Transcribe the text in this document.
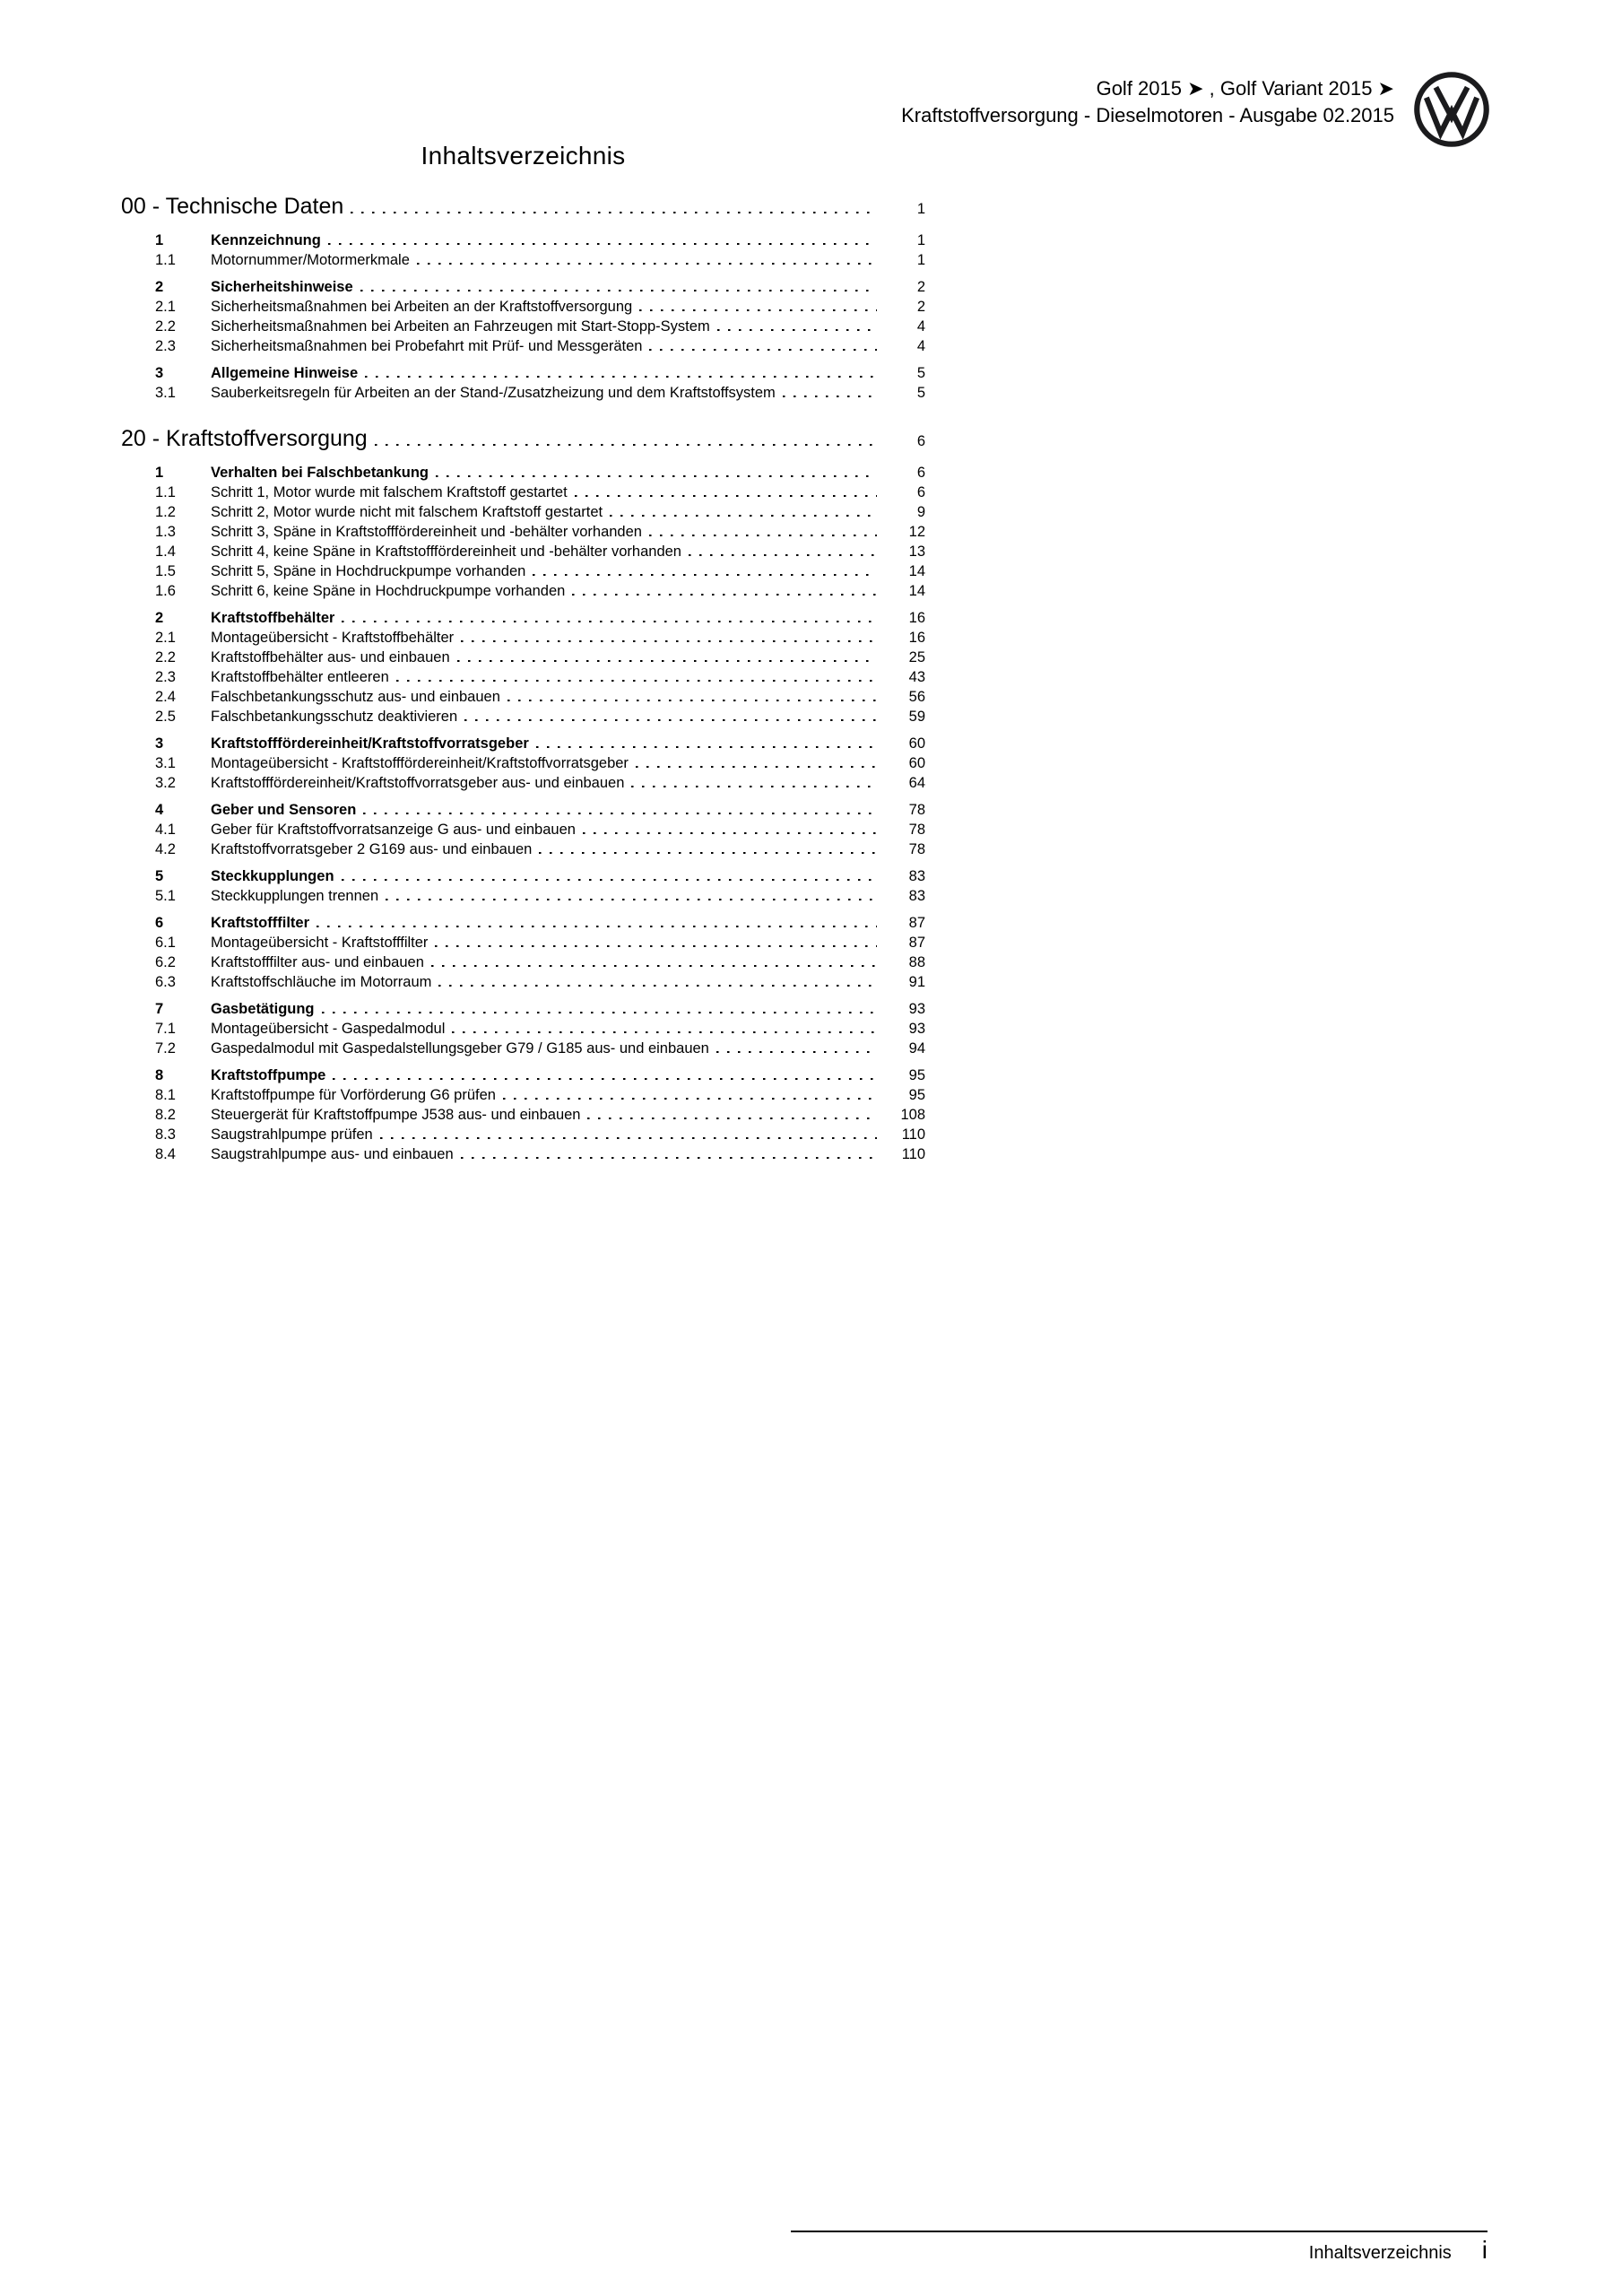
Golf 2015 ➤ , Golf Variant 2015 ➤
Kraftstoffversorgung - Dieselmotoren - Ausgabe 02.2015
Inhaltsverzeichnis
00 - Technische Daten	1
1	Kennzeichnung	1
1.1	Motornummer/Motormerkmale	1
2	Sicherheitshinweise	2
2.1	Sicherheitsmaßnahmen bei Arbeiten an der Kraftstoffversorgung	2
2.2	Sicherheitsmaßnahmen bei Arbeiten an Fahrzeugen mit Start-Stopp-System	4
2.3	Sicherheitsmaßnahmen bei Probefahrt mit Prüf- und Messgeräten	4
3	Allgemeine Hinweise	5
3.1	Sauberkeitsregeln für Arbeiten an der Stand-/Zusatzheizung und dem Kraftstoffsystem	5
20 - Kraftstoffversorgung	6
1	Verhalten bei Falschbetankung	6
1.1	Schritt 1, Motor wurde mit falschem Kraftstoff gestartet	6
1.2	Schritt 2, Motor wurde nicht mit falschem Kraftstoff gestartet	9
1.3	Schritt 3, Späne in Kraftstofffördereinheit und -behälter vorhanden	12
1.4	Schritt 4, keine Späne in Kraftstofffördereinheit und -behälter vorhanden	13
1.5	Schritt 5, Späne in Hochdruckpumpe vorhanden	14
1.6	Schritt 6, keine Späne in Hochdruckpumpe vorhanden	14
2	Kraftstoffbehälter	16
2.1	Montageübersicht - Kraftstoffbehälter	16
2.2	Kraftstoffbehälter aus- und einbauen	25
2.3	Kraftstoffbehälter entleeren	43
2.4	Falschbetankungsschutz aus- und einbauen	56
2.5	Falschbetankungsschutz deaktivieren	59
3	Kraftstofffördereinheit/Kraftstoffvorratsgeber	60
3.1	Montageübersicht - Kraftstofffördereinheit/Kraftstoffvorratsgeber	60
3.2	Kraftstofffördereinheit/Kraftstoffvorratsgeber aus- und einbauen	64
4	Geber und Sensoren	78
4.1	Geber für Kraftstoffvorratsanzeige G aus- und einbauen	78
4.2	Kraftstoffvorratsgeber 2 G169 aus- und einbauen	78
5	Steckkupplungen	83
5.1	Steckkupplungen trennen	83
6	Kraftstofffilter	87
6.1	Montageübersicht - Kraftstofffilter	87
6.2	Kraftstofffilter aus- und einbauen	88
6.3	Kraftstoffschläuche im Motorraum	91
7	Gasbetätigung	93
7.1	Montageübersicht - Gaspedalmodul	93
7.2	Gaspedalmodul mit Gaspedalstellungsgeber G79 / G185 aus- und einbauen	94
8	Kraftstoffpumpe	95
8.1	Kraftstoffpumpe für Vorförderung G6 prüfen	95
8.2	Steuergerät für Kraftstoffpumpe J538 aus- und einbauen	108
8.3	Saugstrahlpumpe prüfen	110
8.4	Saugstrahlpumpe aus- und einbauen	110
Inhaltsverzeichnis i
